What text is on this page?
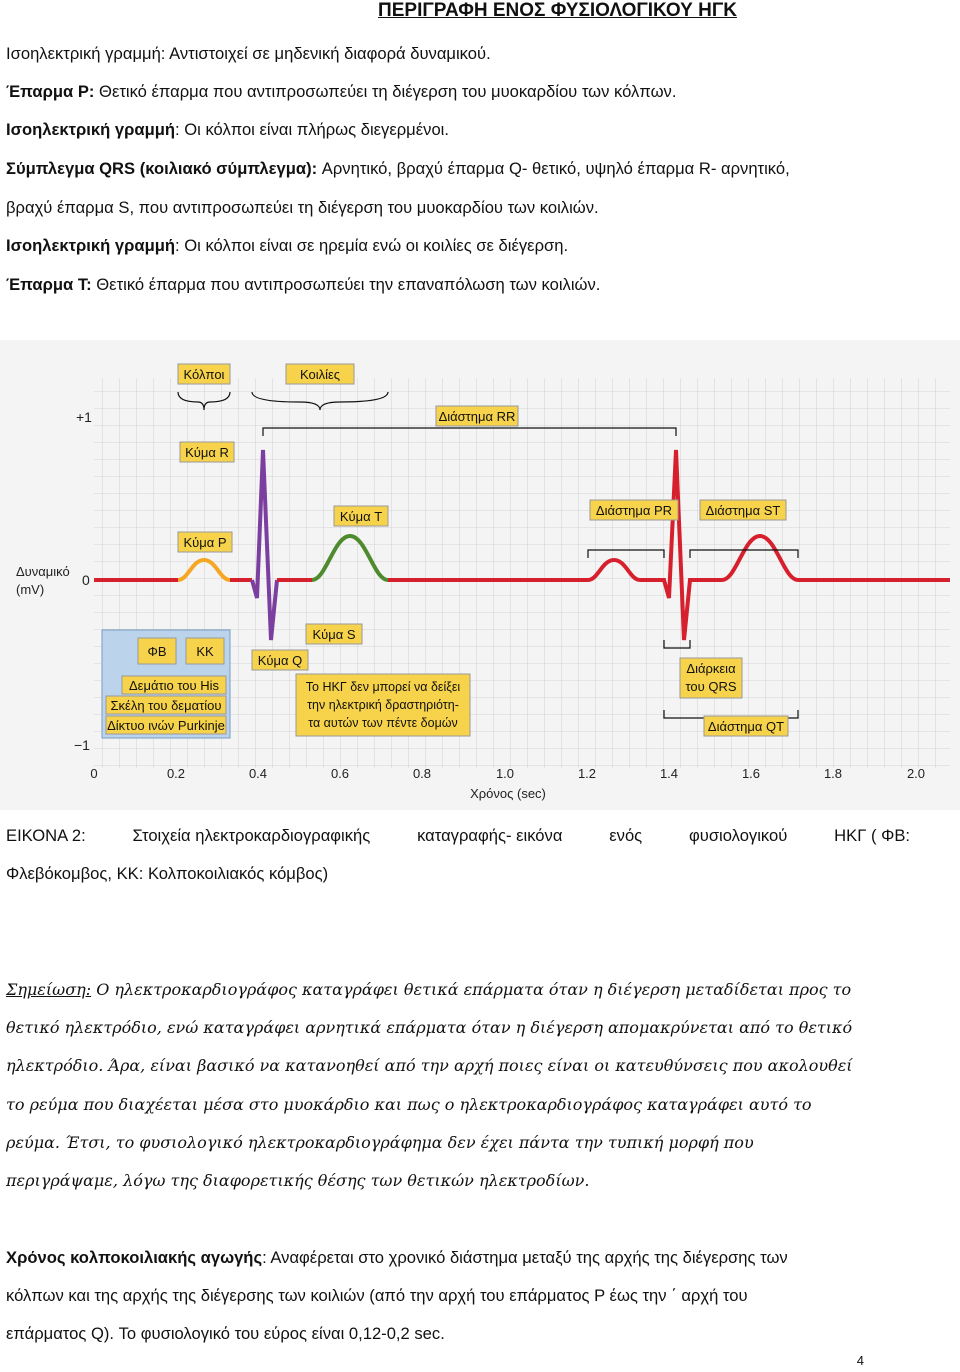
ΠΕΡΙΓΡΑΦΗ ΕΝΟΣ ΦΥΣΙΟΛΟΓΙΚΟΥ ΗΓΚ
Ισοηλεκτρική γραμμή: Αντιστοιχεί σε μηδενική διαφορά δυναμικού.
Έπαρμα P: Θετικό έπαρμα που αντιπροσωπεύει τη διέγερση του μυοκαρδίου των κόλπων.
Ισοηλεκτρική γραμμή: Οι κόλποι είναι πλήρως διεγερμένοι.
Σύμπλεγμα QRS (κοιλιακό σύμπλεγμα): Αρνητικό, βραχύ έπαρμα Q- θετικό, υψηλό έπαρμα R- αρνητικό,
βραχύ έπαρμα S, που αντιπροσωπεύει τη διέγερση του μυοκαρδίου των κοιλιών.
Ισοηλεκτρική γραμμή: Οι κόλποι είναι σε ηρεμία ενώ οι κοιλίες σε διέγερση.
Έπαρμα T: Θετικό έπαρμα που αντιπροσωπεύει την επαναπόλωση των κοιλιών.
+1
0
−1
Δυναμικό
(mV)
0	0.2	0.4	0.6	0.8	1.0	1.2	1.4	1.6	1.8	2.0
Χρόνος (sec)
Κόλποι	Κοιλίες
Κύμα R
Διάστημα RR
Κύμα T
Κύμα P
Διάστημα PR	Διάστημα ST
Κύμα S
Κύμα Q
Διάρκεια
του QRS
Διάστημα QT
ΦΒ ΚΚ
Δεμάτιο του His
Σκέλη του δεματίου
Δίκτυο ινών Purkinje
Το ΗΚΓ δεν μπορεί να δείξει
την ηλεκτρική δραστηριότη-
τα αυτών των πέντε δομών
ΕΙΚΟΝΑ 2:	Στοιχεία ηλεκτροκαρδιογραφικής	καταγραφής- εικόνα	ενός	φυσιολογικού	ΗΚΓ ( ΦΒ:
Φλεβόκομβος, ΚΚ: Κολποκοιλιακός κόμβος)
Σημείωση: Ο ηλεκτροκαρδιογράφος καταγράφει θετικά επάρματα όταν η διέγερση μεταδίδεται προς το
θετικό ηλεκτρόδιο, ενώ καταγράφει αρνητικά επάρματα όταν η διέγερση απομακρύνεται από το θετικό
ηλεκτρόδιο. Άρα, είναι βασικό να κατανοηθεί από την αρχή ποιες είναι οι κατευθύνσεις που ακολουθεί
το ρεύμα που διαχέεται μέσα στο μυοκάρδιο και πως ο ηλεκτροκαρδιογράφος καταγράφει αυτό το
ρεύμα. Έτσι, το φυσιολογικό ηλεκτροκαρδιογράφημα δεν έχει πάντα την τυπική μορφή που
περιγράψαμε, λόγω της διαφορετικής θέσης των θετικών ηλεκτροδίων.
Χρόνος κολποκοιλιακής αγωγής: Αναφέρεται στο χρονικό διάστημα μεταξύ της αρχής της διέγερσης των
κόλπων και της αρχής της διέγερσης των κοιλιών (από την αρχή του επάρματος P έως την ΄ αρχή του
επάρματος Q). Το φυσιολογικό του εύρος είναι 0,12-0,2 sec.
4
